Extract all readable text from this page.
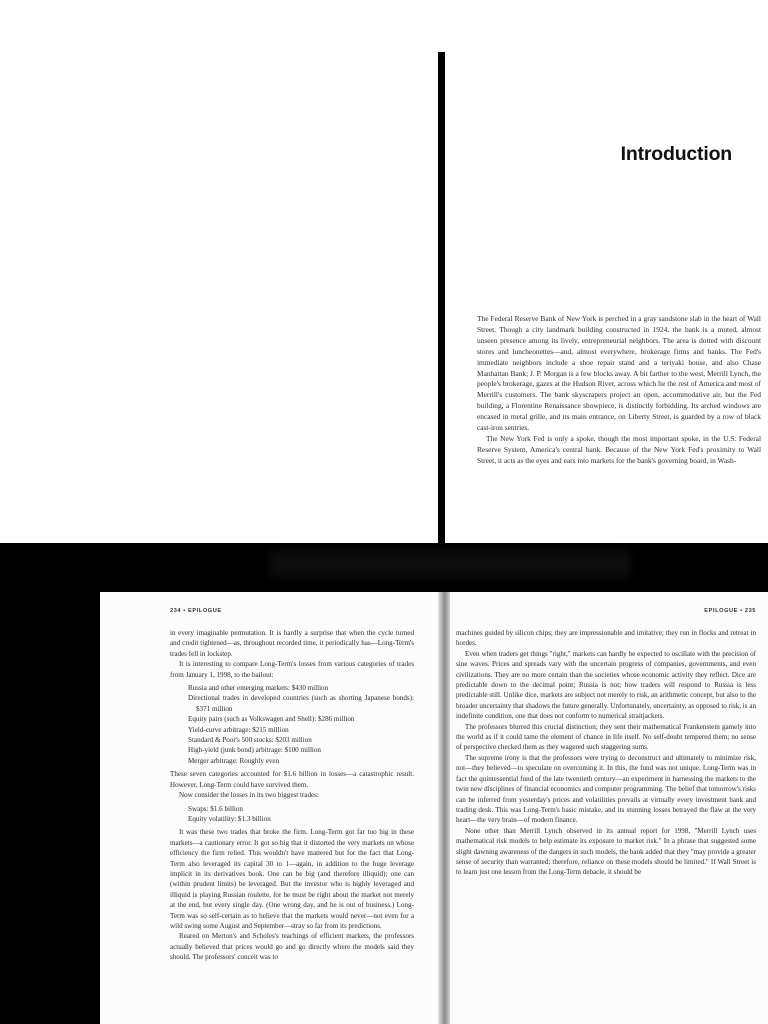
Introduction

The Federal Reserve Bank of New York is perched in a gray sandstone slab in the heart of Wall Street. Though a city landmark building constructed in 1924, the bank is a muted, almost unseen presence among its lively, entrepreneurial neighbors. The area is dotted with discount stores and luncheonettes—and, almost everywhere, brokerage firms and banks. The Fed's immediate neighbors include a shoe repair stand and a teriyaki house, and also Chase Manhattan Bank; J. P. Morgan is a few blocks away. A bit farther to the west, Merrill Lynch, the people's brokerage, gazes at the Hudson River, across which lie the rest of America and most of Merrill's customers. The bank skyscrapers project an open, accommodative air, but the Fed building, a Florentine Renaissance showpiece, is distinctly forbidding. Its arched windows are encased in metal grille, and its main entrance, on Liberty Street, is guarded by a row of black cast-iron sentries.

The New York Fed is only a spoke, though the most important spoke, in the U.S. Federal Reserve System, America's central bank. Because of the New York Fed's proximity to Wall Street, it acts as the eyes and ears into markets for the bank's governing board, in Wash-

234 • EPILOGUE

in every imaginable permutation. It is hardly a surprise that when the cycle turned and credit tightened—as, throughout recorded time, it periodically has—Long-Term's trades fell in lockstep.

It is interesting to compare Long-Term's losses from various categories of trades from January 1, 1998, to the bailout:

Russia and other emerging markets: $430 million
Directional trades in developed countries (such as shorting Japanese bonds): $371 million
Equity pairs (such as Volkswagen and Shell): $286 million
Yield-curve arbitrage: $215 million
Standard & Poor's 500 stocks: $203 million
High-yield (junk bond) arbitrage: $100 million
Merger arbitrage: Roughly even

These seven categories accounted for $1.6 billion in losses—a catastrophic result. However, Long-Term could have survived them.

Now consider the losses in its two biggest trades:

Swaps: $1.6 billion
Equity volatility: $1.3 billion

It was these two trades that broke the firm. Long-Term got far too big in these markets—a cautionary error. It got so big that it distorted the very markets on whose efficiency the firm relied. This wouldn't have mattered but for the fact that Long-Term also leveraged its capital 30 to 1—again, in addition to the huge leverage implicit in its derivatives book. One can be big (and therefore illiquid); one can (within prudent limits) be leveraged. But the investor who is highly leveraged and illiquid is playing Russian roulette, for he must be right about the market not merely at the end, but every single day. (One wrong day, and he is out of business.) Long-Term was so self-certain as to believe that the markets would never—not even for a wild swing some August and September—stray so far from its predictions.

Reared on Merton's and Scholes's teachings of efficient markets, the professors actually believed that prices would go and go directly where the models said they should. The professors' conceit was to

EPILOGUE • 235

machines guided by silicon chips; they are impressionable and imitative; they run in flocks and retreat in hordes.

Even when traders get things "right," markets can hardly be expected to oscillate with the precision of sine waves. Prices and spreads vary with the uncertain progress of companies, governments, and even civilizations. They are no more certain than the societies whose economic activity they reflect. Dice are predictable down to the decimal point; Russia is not; how traders will respond to Russia is less predictable still. Unlike dice, markets are subject not merely to risk, an arithmetic concept, but also to the broader uncertainty that shadows the future generally. Unfortunately, uncertainty, as opposed to risk, is an indefinite condition, one that does not conform to numerical straitjackets.

The professors blurred this crucial distinction; they sent their mathematical Frankenstein gamely into the world as if it could tame the element of chance in life itself. No self-doubt tempered them; no sense of perspective checked them as they wagered such staggering sums.

The supreme irony is that the professors were trying to deconstruct and ultimately to minimize risk, not—they believed—to speculate on overcoming it. In this, the fund was not unique. Long-Term was in fact the quintessential fund of the late twentieth century—an experiment in harnessing the markets to the twin new disciplines of financial economics and computer programming. The belief that tomorrow's risks can be inferred from yesterday's prices and volatilities prevails at virtually every investment bank and trading desk. This was Long-Term's basic mistake, and its stunning losses betrayed the flaw at the very heart—the very brain—of modern finance.

None other than Merrill Lynch observed in its annual report for 1998, "Merrill Lynch uses mathematical risk models to help estimate its exposure to market risk." In a phrase that suggested some slight dawning awareness of the dangers in such models, the bank added that they "may provide a greater sense of security than warranted; therefore, reliance on these models should be limited." If Wall Street is to learn just one lesson from the Long-Term debacle, it should be
